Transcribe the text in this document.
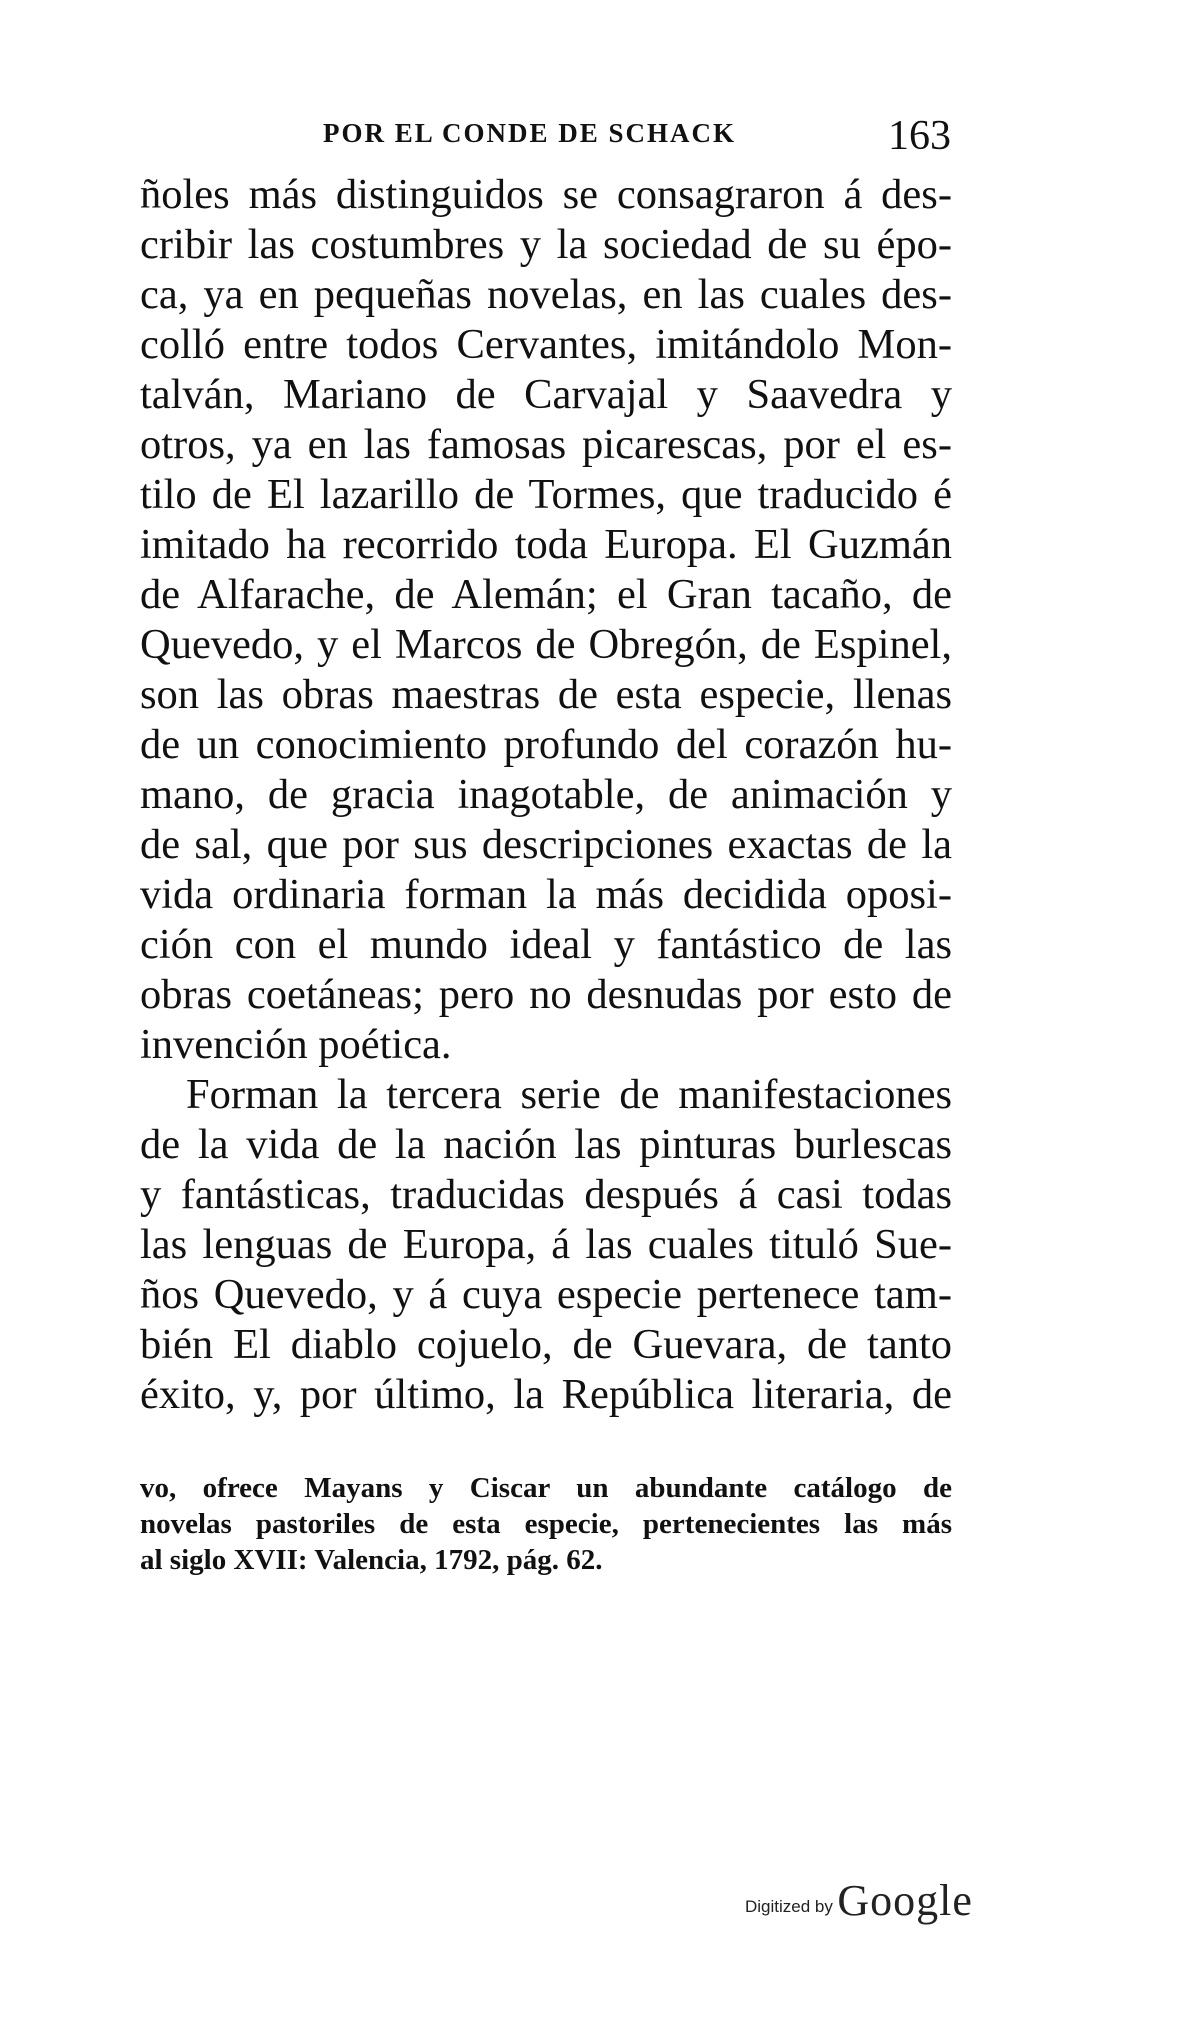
POR EL CONDE DE SCHACK	163
ñoles más distinguidos se consagraron á des-
cribir las costumbres y la sociedad de su épo-
ca, ya en pequeñas novelas, en las cuales des-
colló entre todos Cervantes, imitándolo Mon-
talván, Mariano de Carvajal y Saavedra y
otros, ya en las famosas picarescas, por el es-
tilo de El lazarillo de Tormes, que traducido é
imitado ha recorrido toda Europa. El Guzmán
de Alfarache, de Alemán; el Gran tacaño, de
Quevedo, y el Marcos de Obregón, de Espinel,
son las obras maestras de esta especie, llenas
de un conocimiento profundo del corazón hu-
mano, de gracia inagotable, de animación y
de sal, que por sus descripciones exactas de la
vida ordinaria forman la más decidida oposi-
ción con el mundo ideal y fantástico de las
obras coetáneas; pero no desnudas por esto de
invención poética.
Forman la tercera serie de manifestaciones
de la vida de la nación las pinturas burlescas
y fantásticas, traducidas después á casi todas
las lenguas de Europa, á las cuales tituló Sue-
ños Quevedo, y á cuya especie pertenece tam-
bién El diablo cojuelo, de Guevara, de tanto
éxito, y, por último, la República literaria, de
vo, ofrece Mayans y Ciscar un abundante catálogo de
novelas pastoriles de esta especie, pertenecientes las más
al siglo XVII: Valencia, 1792, pág. 62.
Digitized by Google
